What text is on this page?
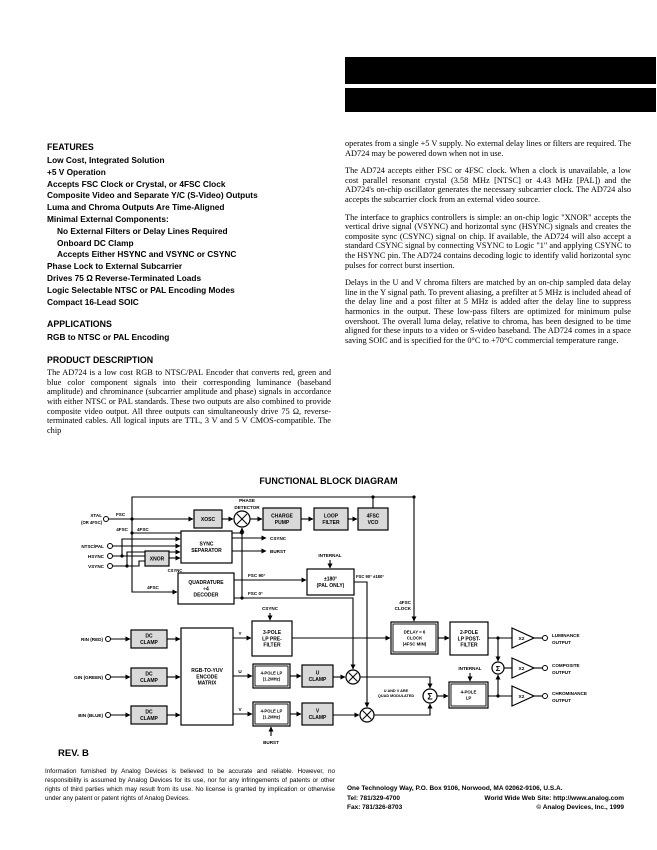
FEATURES
Low Cost, Integrated Solution
+5 V Operation
Accepts FSC Clock or Crystal, or 4FSC Clock
Composite Video and Separate Y/C (S-Video) Outputs
Luma and Chroma Outputs Are Time-Aligned
Minimal External Components:
No External Filters or Delay Lines Required
Onboard DC Clamp
Accepts Either HSYNC and VSYNC or CSYNC
Phase Lock to External Subcarrier
Drives 75 Ω Reverse-Terminated Loads
Logic Selectable NTSC or PAL Encoding Modes
Compact 16-Lead SOIC
APPLICATIONS
RGB to NTSC or PAL Encoding
PRODUCT DESCRIPTION

The AD724 is a low cost RGB to NTSC/PAL Encoder that converts red, green and blue color component signals into their corresponding luminance (baseband amplitude) and chrominance (subcarrier amplitude and phase) signals in accordance with either NTSC or PAL standards. These two outputs are also combined to provide composite video output. All three outputs can simultaneously drive 75 Ω, reverse-terminated cables. All logical inputs are TTL, 3 V and 5 V CMOS-compatible. The chip

operates from a single +5 V supply. No external delay lines or filters are required. The AD724 may be powered down when not in use.

The AD724 accepts either FSC or 4FSC clock. When a clock is unavailable, a low cost parallel resonant crystal (3.58 MHz [NTSC] or 4.43 MHz [PAL]) and the AD724's on-chip oscillator generates the necessary subcarrier clock. The AD724 also accepts the subcarrier clock from an external video source.

The interface to graphics controllers is simple: an on-chip logic "XNOR" accepts the vertical drive signal (VSYNC) and horizontal sync (HSYNC) signals and creates the composite sync (CSYNC) signal on chip. If available, the AD724 will also accept a standard CSYNC signal by connecting VSYNC to Logic "1" and applying CSYNC to the HSYNC pin. The AD724 contains decoding logic to identify valid horizontal sync pulses for correct burst insertion.

Delays in the U and V chroma filters are matched by an on-chip sampled data delay line in the Y signal path. To prevent aliasing, a prefilter at 5 MHz is included ahead of the delay line and a post filter at 5 MHz is added after the delay line to suppress harmonics in the output. These low-pass filters are optimized for minimum pulse overshoot. The overall luma delay, relative to chroma, has been designed to be time aligned for these inputs to a video or S-video baseband. The AD724 comes in a space saving SOIC and is specified for the 0°C to +70°C commercial temperature range.

FUNCTIONAL BLOCK DIAGRAM
XOSC
CHARGE
PUMP
LOOP
FILTER
4FSC
VCO
SYNC
SEPARATOR
XNOR
QUADRATURE
÷4
DECODER
±180°
(PAL ONLY)
DC
CLAMP
DC
CLAMP
DC
CLAMP
RGB-TO-YUV
ENCODE
MATRIX
3-POLE
LP PRE-
FILTER
DELAY ≈ 6
CLOCK
(4FSC MIN)
2-POLE
LP POST-
FILTER
4-POLE LP
(1.2MHz)
U
CLAMP
4-POLE LP
(1.2MHz)
V
CLAMP
4-POLE
LP
Σ
Σ
X2
X2
X2
XTAL
(OR 4FSC)
FSC
4FSC 4FSC
PHASE
DETECTOR
NTSC/PAL
HSYNC
VSYNC
CSYNC
BURST
CSYNC
4FSC
FSC 90°
FSC 0°
INTERNAL
FSC 90° ±180°
CSYNC
4FSC
CLOCK
Y
U
V
INTERNAL
BURST
U AND V ARE
QUAD MODULATED
RIN (RED)
GIN (GREEN)
BIN (BLUE)
LUMINANCE
OUTPUT
COMPOSITE
OUTPUT
CHROMINANCE
OUTPUT
REV. B
Information furnished by Analog Devices is believed to be accurate and reliable. However, no responsibility is assumed by Analog Devices for its use, nor for any infringements of patents or other rights of third parties which may result from its use. No license is granted by implication or otherwise under any patent or patent rights of Analog Devices.
One Technology Way, P.O. Box 9106, Norwood, MA 02062-9106, U.S.A.
Tel: 781/329-4700	World Wide Web Site: http://www.analog.com
Fax: 781/326-8703	© Analog Devices, Inc., 1999
